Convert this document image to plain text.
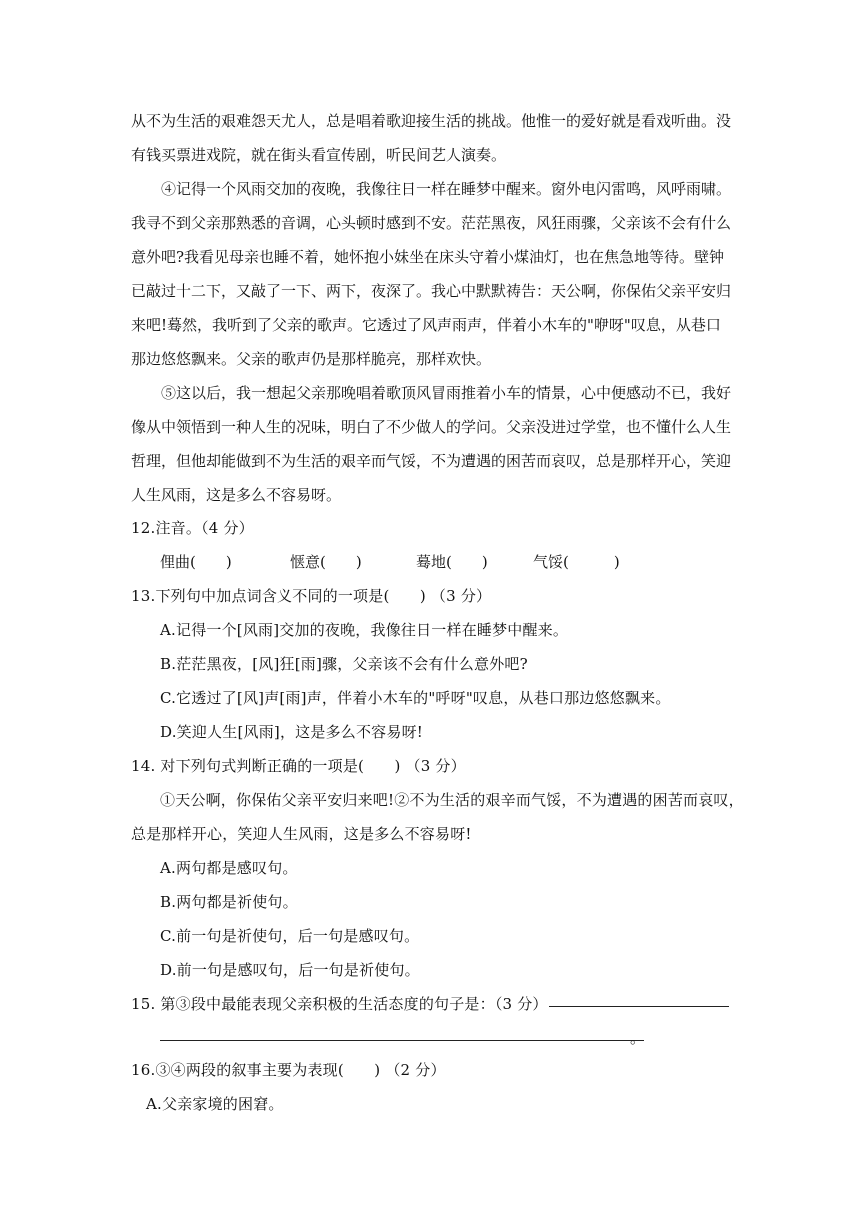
从不为生活的艰难怨天尤人，总是唱着歌迎接生活的挑战。他惟一的爱好就是看戏听曲。没
有钱买票进戏院，就在街头看宣传剧，听民间艺人演奏。
④记得一个风雨交加的夜晚，我像往日一样在睡梦中醒来。窗外电闪雷鸣，风呼雨啸。
我寻不到父亲那熟悉的音调，心头顿时感到不安。茫茫黑夜，风狂雨骤，父亲该不会有什么
意外吧?我看见母亲也睡不着，她怀抱小妹坐在床头守着小煤油灯，也在焦急地等待。壁钟
已敲过十二下，又敲了一下、两下，夜深了。我心中默默祷告：天公啊，你保佑父亲平安归
来吧!蓦然，我听到了父亲的歌声。它透过了风声雨声，伴着小木车的"咿呀"叹息，从巷口
那边悠悠飘来。父亲的歌声仍是那样脆亮，那样欢快。
⑤这以后，我一想起父亲那晚唱着歌顶风冒雨推着小车的情景，心中便感动不已，我好
像从中领悟到一种人生的况味，明白了不少做人的学问。父亲没进过学堂，也不懂什么人生
哲理，但他却能做到不为生活的艰辛而气馁，不为遭遇的困苦而哀叹，总是那样开心，笑迎
人生风雨，这是多么不容易呀。
12.注音。（4 分）
俚曲(　　)	惬意(　　)	蓦地(　　)	气馁(　　　)
13.下列句中加点词含义不同的一项是(　　) （3 分）
A.记得一个[风雨]交加的夜晚，我像往日一样在睡梦中醒来。
B.茫茫黑夜，[风]狂[雨]骤，父亲该不会有什么意外吧?
C.它透过了[风]声[雨]声，伴着小木车的"呼呀"叹息，从巷口那边悠悠飘来。
D.笑迎人生[风雨]，这是多么不容易呀!
14. 对下列句式判断正确的一项是(　　) （3 分）
①天公啊，你保佑父亲平安归来吧!②不为生活的艰辛而气馁，不为遭遇的困苦而哀叹，
总是那样开心，笑迎人生风雨，这是多么不容易呀!
A.两句都是感叹句。
B.两句都是祈使句。
C.前一句是祈使句，后一句是感叹句。
D.前一句是感叹句，后一句是祈使句。
15. 第③段中最能表现父亲积极的生活态度的句子是：（3 分）
。
16.③④两段的叙事主要为表现(　　) （2 分）
A.父亲家境的困窘。
